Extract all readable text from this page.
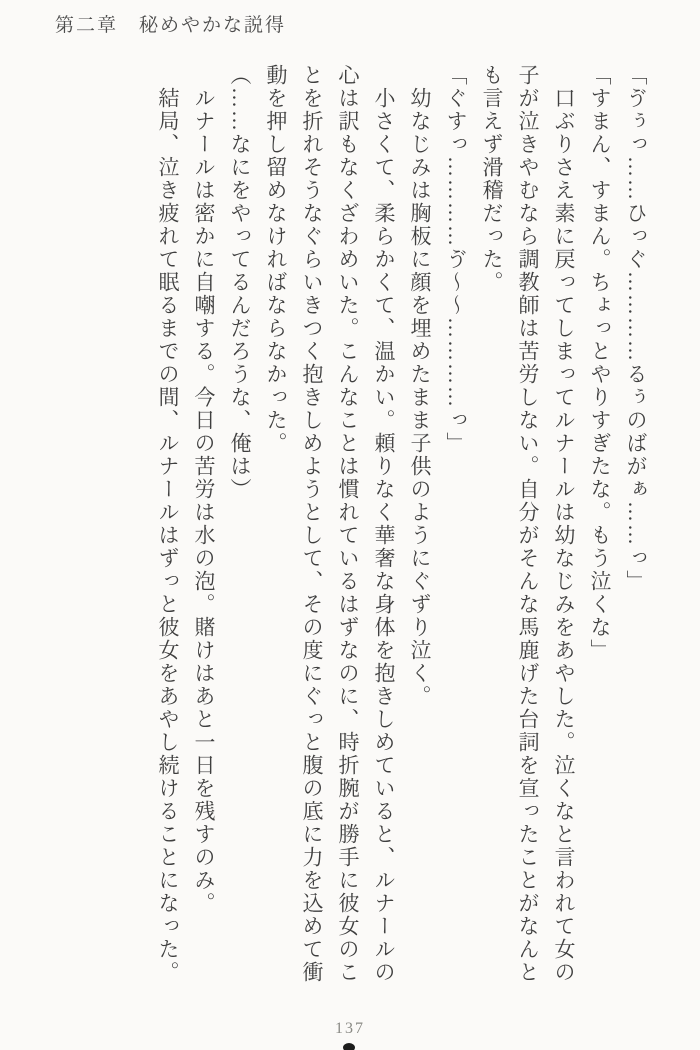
第二章　秘めやかな説得

「ゔぅっ……ひっぐ…………るぅのばがぁ……っ」

「すまん、すまん。ちょっとやりすぎたな。もう泣くな」

口ぶりさえ素に戻ってしまってルナールは幼なじみをあやした。泣くなと言われて女の子が泣きやむなら調教師は苦労しない。自分がそんな馬鹿げた台詞を宣ったことがなんとも言えず滑稽だった。

「ぐすっ…………ゔ～～…………っ」

幼なじみは胸板に顔を埋めたまま子供のようにぐずり泣く。

小さくて、柔らかくて、温かい。頼りなく華奢な身体を抱きしめていると、ルナールの心は訳もなくざわめいた。こんなことは慣れているはずなのに、時折腕が勝手に彼女のことを折れそうなぐらいきつく抱きしめようとして、その度にぐっと腹の底に力を込めて衝動を押し留めなければならなかった。

（……なにをやってるんだろうな、俺は）

ルナールは密かに自嘲する。今日の苦労は水の泡。賭けはあと一日を残すのみ。

結局、泣き疲れて眠るまでの間、ルナールはずっと彼女をあやし続けることになった。

137
